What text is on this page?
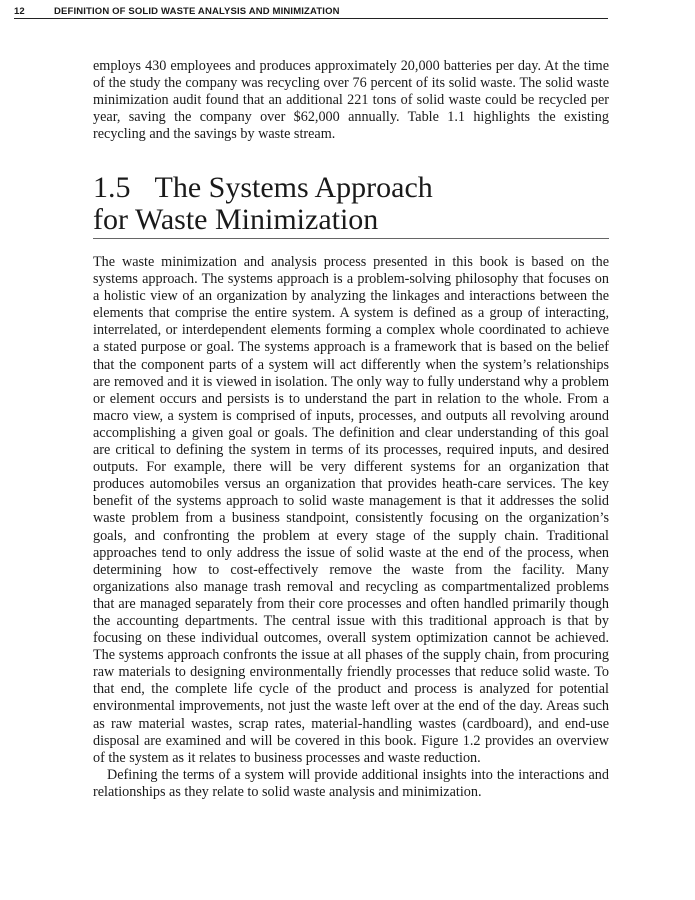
12	DEFINITION OF SOLID WASTE ANALYSIS AND MINIMIZATION

employs 430 employees and produces approximately 20,000 batteries per day. At the time of the study the company was recycling over 76 percent of its solid waste. The solid waste minimization audit found that an additional 221 tons of solid waste could be recycled per year, saving the company over $62,000 annually. Table 1.1 highlights the existing recycling and the savings by waste stream.

1.5 The Systems Approach
for Waste Minimization

The waste minimization and analysis process presented in this book is based on the systems approach. The systems approach is a problem-solving philosophy that focuses on a holistic view of an organization by analyzing the linkages and interactions between the elements that comprise the entire system. A system is defined as a group of interacting, interrelated, or interdependent elements forming a complex whole coordinated to achieve a stated purpose or goal. The systems approach is a framework that is based on the belief that the component parts of a system will act differently when the system’s relationships are removed and it is viewed in isolation. The only way to fully understand why a problem or element occurs and persists is to understand the part in relation to the whole. From a macro view, a system is comprised of inputs, processes, and outputs all revolving around accomplishing a given goal or goals. The definition and clear understanding of this goal are critical to defining the system in terms of its processes, required inputs, and desired outputs. For example, there will be very different systems for an organization that produces automobiles versus an organization that provides heath-care services. The key benefit of the systems approach to solid waste management is that it addresses the solid waste problem from a business standpoint, consistently focusing on the organization’s goals, and confronting the problem at every stage of the supply chain. Traditional approaches tend to only address the issue of solid waste at the end of the process, when determining how to cost-effectively remove the waste from the facility. Many organizations also manage trash removal and recycling as compartmentalized problems that are managed separately from their core processes and often handled primarily though the accounting departments. The central issue with this traditional approach is that by focusing on these individual outcomes, overall system optimization cannot be achieved. The systems approach confronts the issue at all phases of the supply chain, from procuring raw materials to designing environmentally friendly processes that reduce solid waste. To that end, the complete life cycle of the product and process is analyzed for potential environmental improvements, not just the waste left over at the end of the day. Areas such as raw material wastes, scrap rates, material-handling wastes (cardboard), and end-use disposal are examined and will be covered in this book. Figure 1.2 provides an overview of the system as it relates to business processes and waste reduction.

Defining the terms of a system will provide additional insights into the interactions and relationships as they relate to solid waste analysis and minimization.
